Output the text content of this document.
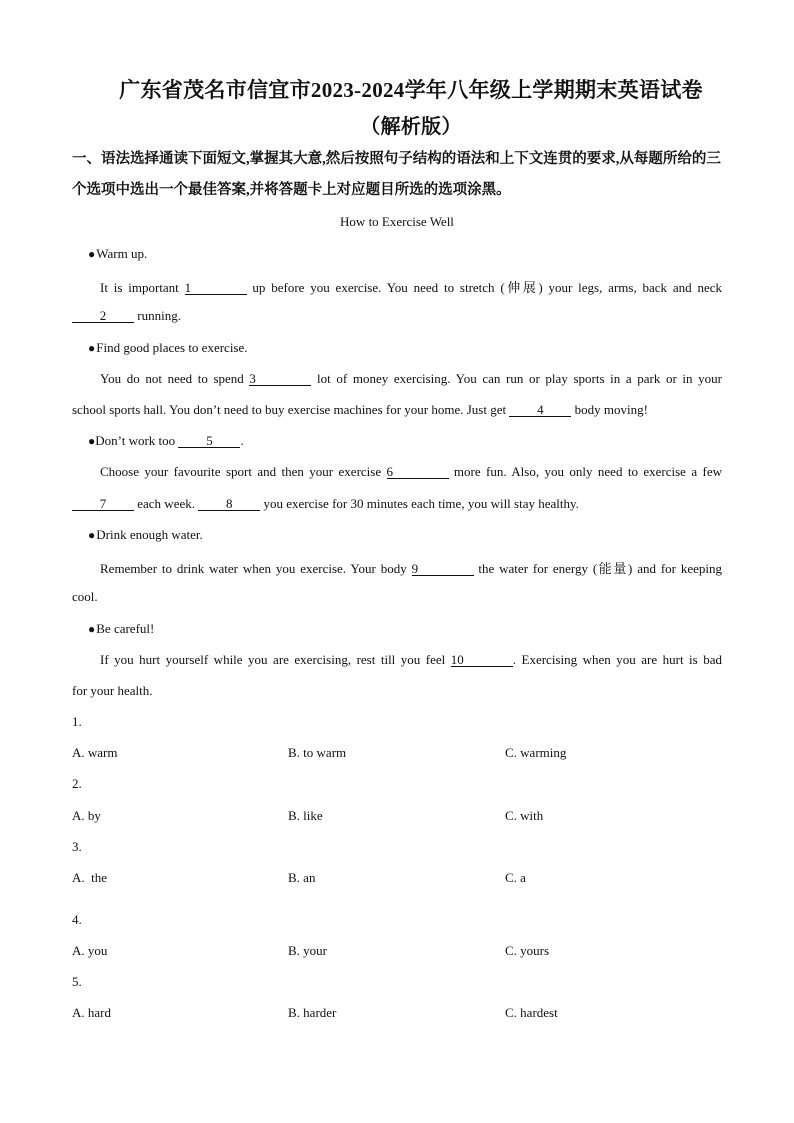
广东省茂名市信宜市2023-2024学年八年级上学期期末英语试卷
（解析版）
一、语法选择通读下面短文,掌握其大意,然后按照句子结构的语法和上下文连贯的要求,从每题所给的三个选项中选出一个最佳答案,并将答题卡上对应题目所选的选项涂黑。
How to Exercise Well
● Warm up.
It is important 1	up before you exercise. You need to stretch (伸展) your legs, arms, back and neck
2 running.
● Find good places to exercise.
You do not need to spend 3	lot of money exercising. You can run or play sports in a park or in your
school sports hall. You don’t need to buy exercise machines for your home. Just get 4 body moving!
●Don’t work too 5 .
Choose your favourite sport and then your exercise 6	more fun. Also, you only need to exercise a few
7 each week. 8 you exercise for 30 minutes each time, you will stay healthy.
● Drink enough water.
Remember to drink water when you exercise. Your body 9	the water for energy (能量) and for keeping
cool.
● Be careful!
If you hurt yourself while you are exercising, rest till you feel 10	. Exercising when you are hurt is bad
for your health.
1.
A. warm	B. to warm	C. warming
2.
A. by	B. like	C. with
3.
A.  the	B. an	C. a
4.
A. you	B. your	C. yours
5.
A. hard	B. harder	C. hardest
